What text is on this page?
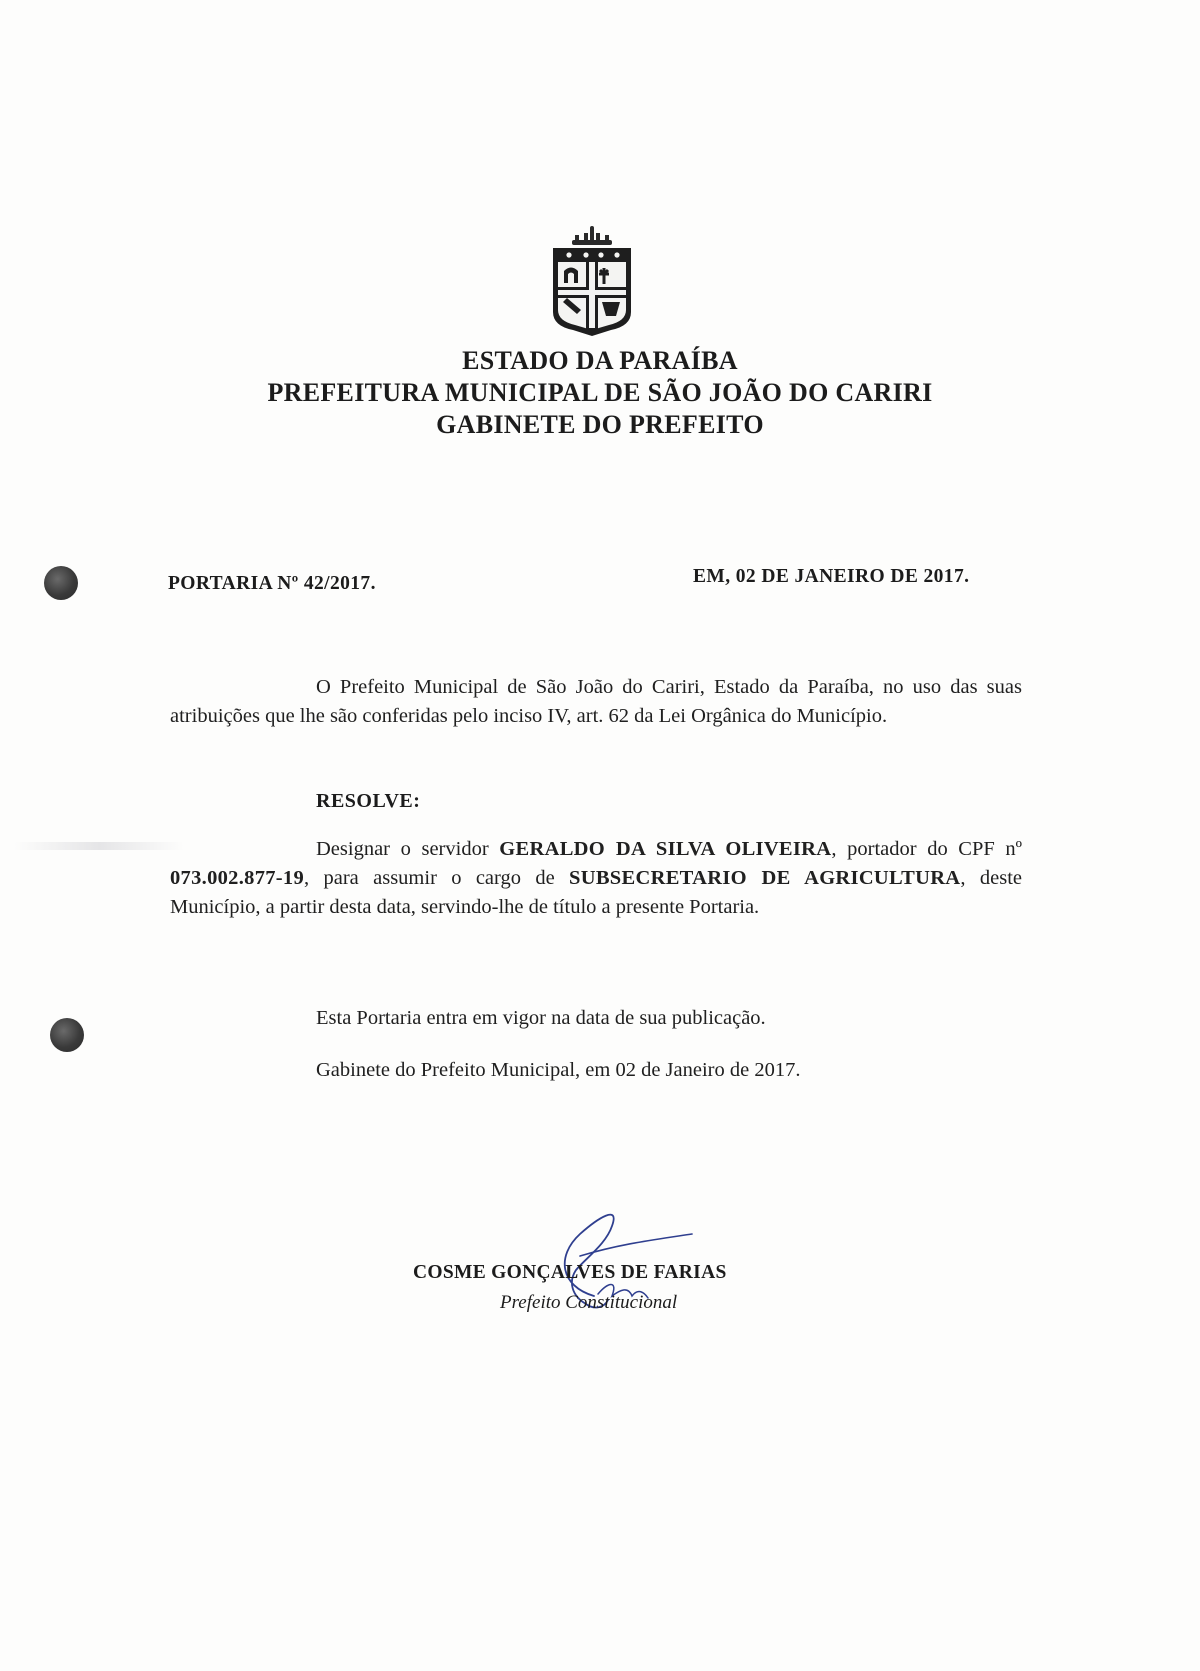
ESTADO DA PARAÍBA
PREFEITURA MUNICIPAL DE SÃO JOÃO DO CARIRI
GABINETE DO PREFEITO
PORTARIA Nº 42/2017.	EM, 02 DE JANEIRO DE 2017.

O Prefeito Municipal de São João do Cariri, Estado da Paraíba, no uso das suas atribuições que lhe são conferidas pelo inciso IV, art. 62 da Lei Orgânica do Município.

RESOLVE:

Designar o servidor GERALDO DA SILVA OLIVEIRA, portador do CPF nº 073.002.877-19, para assumir o cargo de SUBSECRETARIO DE AGRICULTURA, deste Município, a partir desta data, servindo-lhe de título a presente Portaria.

Esta Portaria entra em vigor na data de sua publicação.

Gabinete do Prefeito Municipal, em 02 de Janeiro de 2017.

COSME GONÇALVES DE FARIAS
Prefeito Constitucional
